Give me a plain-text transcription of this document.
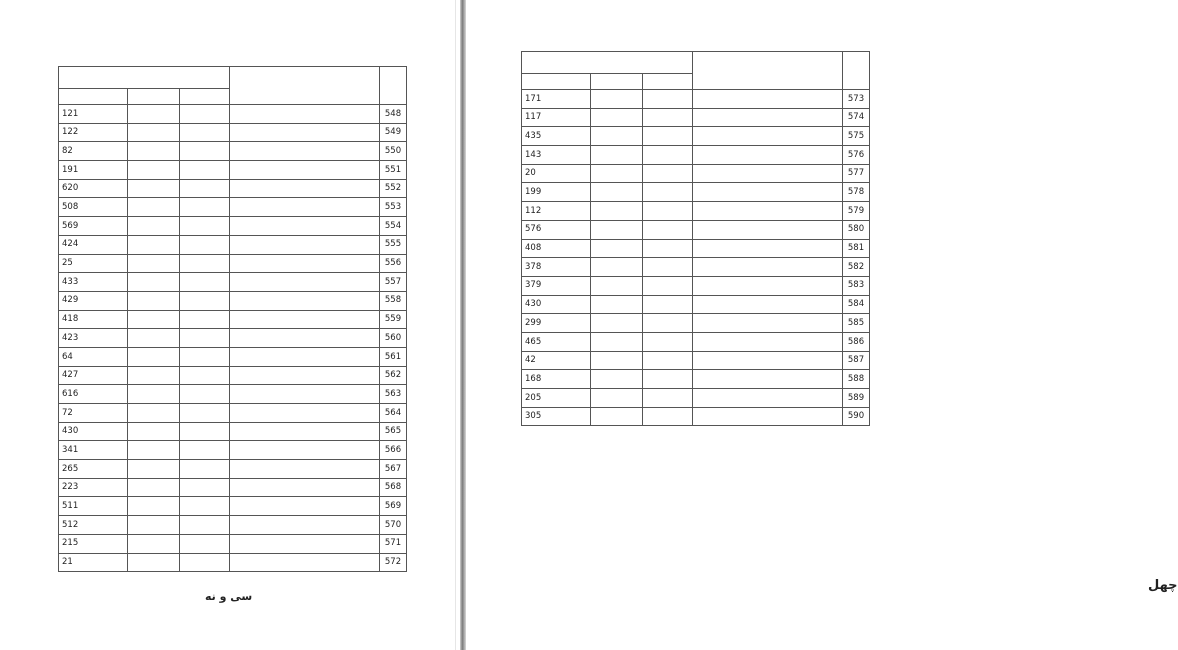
548				121
549				122
550				82
551				191
552				620
553				508
554				569
555				424
556				25
557				433
558				429
559				418
560				423
561				64
562				427
563				616
564				72
565				430
566				341
567				265
568				223
569				511
570				512
571				215
572				21
سی و نه

573				171
574				117
575				435
576				143
577				20
578				199
579				112
580				576
581				408
582				378
583				379
584				430
585				299
586				465
587				42
588				168
589				205
590				305
چهل
